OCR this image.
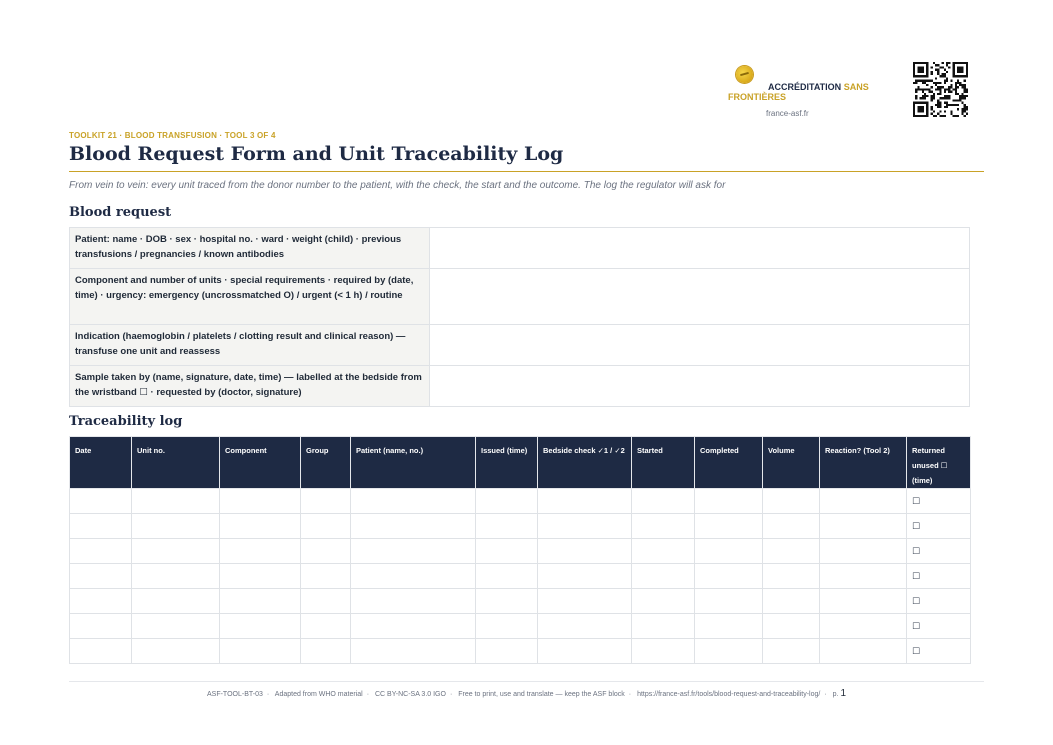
ACCRÉDITATION SANS FRONTIÈRES
france-asf.fr
TOOLKIT 21 · BLOOD TRANSFUSION · TOOL 3 OF 4
Blood Request Form and Unit Traceability Log
From vein to vein: every unit traced from the donor number to the patient, with the check, the start and the outcome. The log the regulator will ask for
Blood request
Patient: name · DOB · sex · hospital no. · ward · weight (child) · previous transfusions / pregnancies / known antibodies	
Component and number of units · special requirements · required by (date, time) · urgency: emergency (uncrossmatched O) / urgent (< 1 h) / routine	
Indication (haemoglobin / platelets / clotting result and clinical reason) — transfuse one unit and reassess	
Sample taken by (name, signature, date, time) — labelled at the bedside from the wristband ☐ · requested by (doctor, signature)	
Traceability log
Date	Unit no.	Component	Group	Patient (name, no.)	Issued (time)	Bedside check ✓1 / ✓2	Started	Completed	Volume	Reaction? (Tool 2)	Returned unused ☐ (time)
											☐
											☐
											☐
											☐
											☐
											☐
											☐
ASF-TOOL-BT-03 · Adapted from WHO material · CC BY-NC-SA 3.0 IGO · Free to print, use and translate — keep the ASF block · https://france-asf.fr/tools/blood-request-and-traceability-log/ · p. 1
